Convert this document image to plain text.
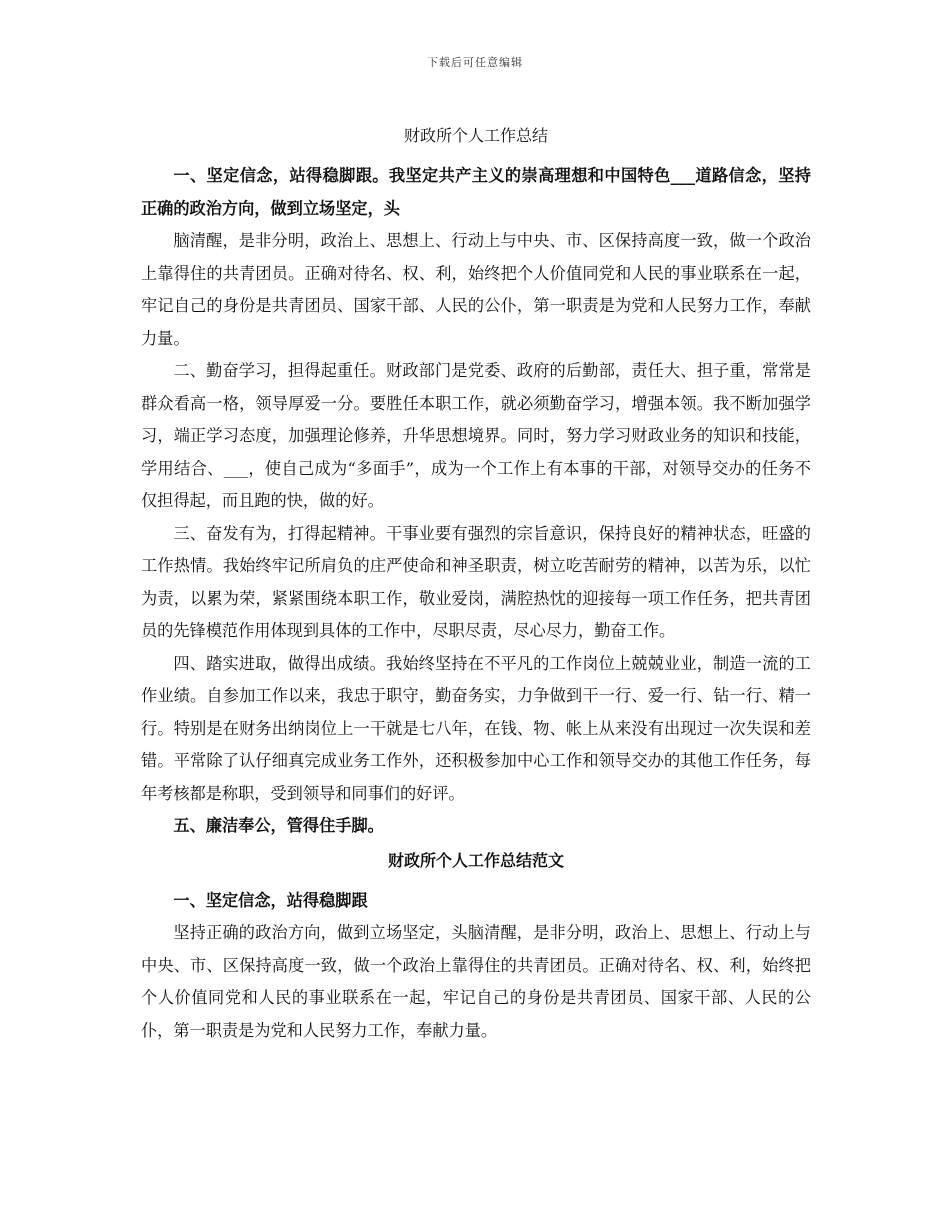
下载后可任意编辑
财政所个人工作总结

一、坚定信念，站得稳脚跟。我坚定共产主义的崇高理想和中国特色___道路信念，坚持正确的政治方向，做到立场坚定，头

脑清醒，是非分明，政治上、思想上、行动上与中央、市、区保持高度一致，做一个政治上靠得住的共青团员。正确对待名、权、利，始终把个人价值同党和人民的事业联系在一起，牢记自己的身份是共青团员、国家干部、人民的公仆，第一职责是为党和人民努力工作，奉献力量。

二、勤奋学习，担得起重任。财政部门是党委、政府的后勤部，责任大、担子重，常常是群众看高一格，领导厚爱一分。要胜任本职工作，就必须勤奋学习，增强本领。我不断加强学习，端正学习态度，加强理论修养，升华思想境界。同时，努力学习财政业务的知识和技能，学用结合、___，使自己成为“多面手”，成为一个工作上有本事的干部，对领导交办的任务不仅担得起，而且跑的快，做的好。

三、奋发有为，打得起精神。干事业要有强烈的宗旨意识，保持良好的精神状态，旺盛的工作热情。我始终牢记所肩负的庄严使命和神圣职责，树立吃苦耐劳的精神，以苦为乐，以忙为责，以累为荣，紧紧围绕本职工作，敬业爱岗，满腔热忱的迎接每一项工作任务，把共青团员的先锋模范作用体现到具体的工作中，尽职尽责，尽心尽力，勤奋工作。

四、踏实进取，做得出成绩。我始终坚持在不平凡的工作岗位上兢兢业业，制造一流的工作业绩。自参加工作以来，我忠于职守，勤奋务实，力争做到干一行、爱一行、钻一行、精一行。特别是在财务出纳岗位上一干就是七八年，在钱、物、帐上从来没有出现过一次失误和差错。平常除了认仔细真完成业务工作外，还积极参加中心工作和领导交办的其他工作任务，每年考核都是称职，受到领导和同事们的好评。

五、廉洁奉公，管得住手脚。

财政所个人工作总结范文

一、坚定信念，站得稳脚跟

坚持正确的政治方向，做到立场坚定，头脑清醒，是非分明，政治上、思想上、行动上与中央、市、区保持高度一致，做一个政治上靠得住的共青团员。正确对待名、权、利，始终把个人价值同党和人民的事业联系在一起，牢记自己的身份是共青团员、国家干部、人民的公仆，第一职责是为党和人民努力工作，奉献力量。
